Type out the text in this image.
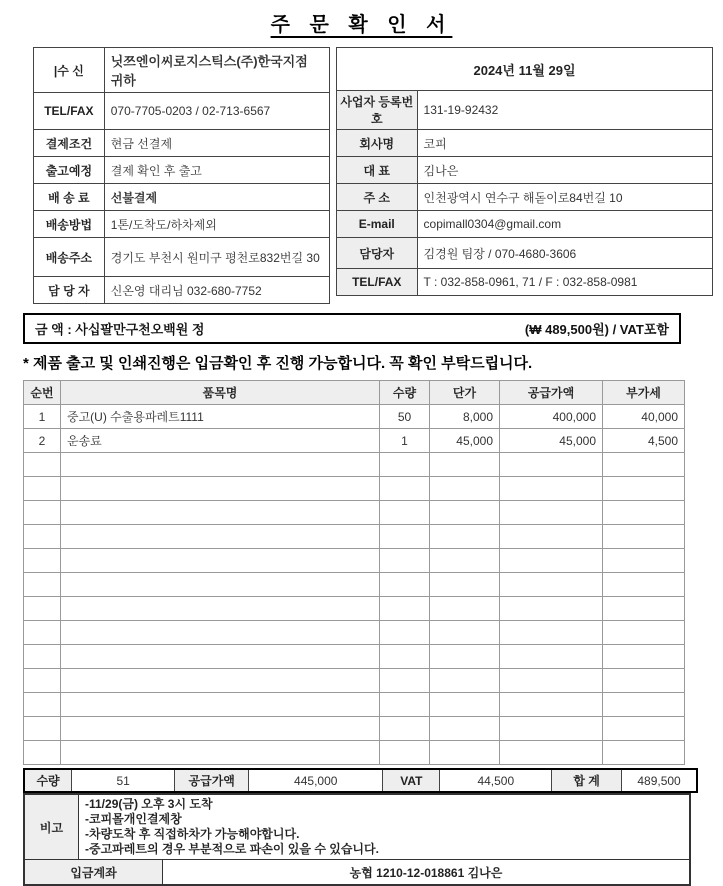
주 문 확 인 서
|수 신	닛쯔엔이씨로지스틱스(주)한국지점 귀하
TEL/FAX	070-7705-0203 / 02-713-6567
결제조건	현금 선결제
출고예정	결제 확인 후 출고
배 송 료	선불결제
배송방법	1톤/도착도/하차제외
배송주소	경기도 부천시 원미구 평천로832번길 30
담 당 자	신온영 대리님 032-680-7752
2024년 11월 29일	
사업자 등록번호	131-19-92432
회사명	코피
대 표	김나은
주 소	인천광역시 연수구 해돋이로84번길 10
E-mail	copimall0304@gmail.com
담당자	김경원 팀장 / 070-4680-3606
TEL/FAX	T : 032-858-0961, 71 / F : 032-858-0981
금 액 : 사십팔만구천오백원 정	(₩ 489,500원) / VAT포함
* 제품 출고 및 인쇄진행은 입금확인 후 진행 가능합니다. 꼭 확인 부탁드립니다.
순번	품목명	수량	단가	공급가액	부가세
1	중고(U) 수출용파레트1111	50	8,000	400,000	40,000
2	운송료	1	45,000	45,000	4,500

수량	51	공급가액	445,000	VAT	44,500	합 계	489,500
비고
-11/29(금) 오후 3시 도착
-코피몰개인결제창
-차량도착 후 직접하차가 가능해야합니다.
-중고파레트의 경우 부분적으로 파손이 있을 수 있습니다.
입금계좌	농협 1210-12-018861 김나은
